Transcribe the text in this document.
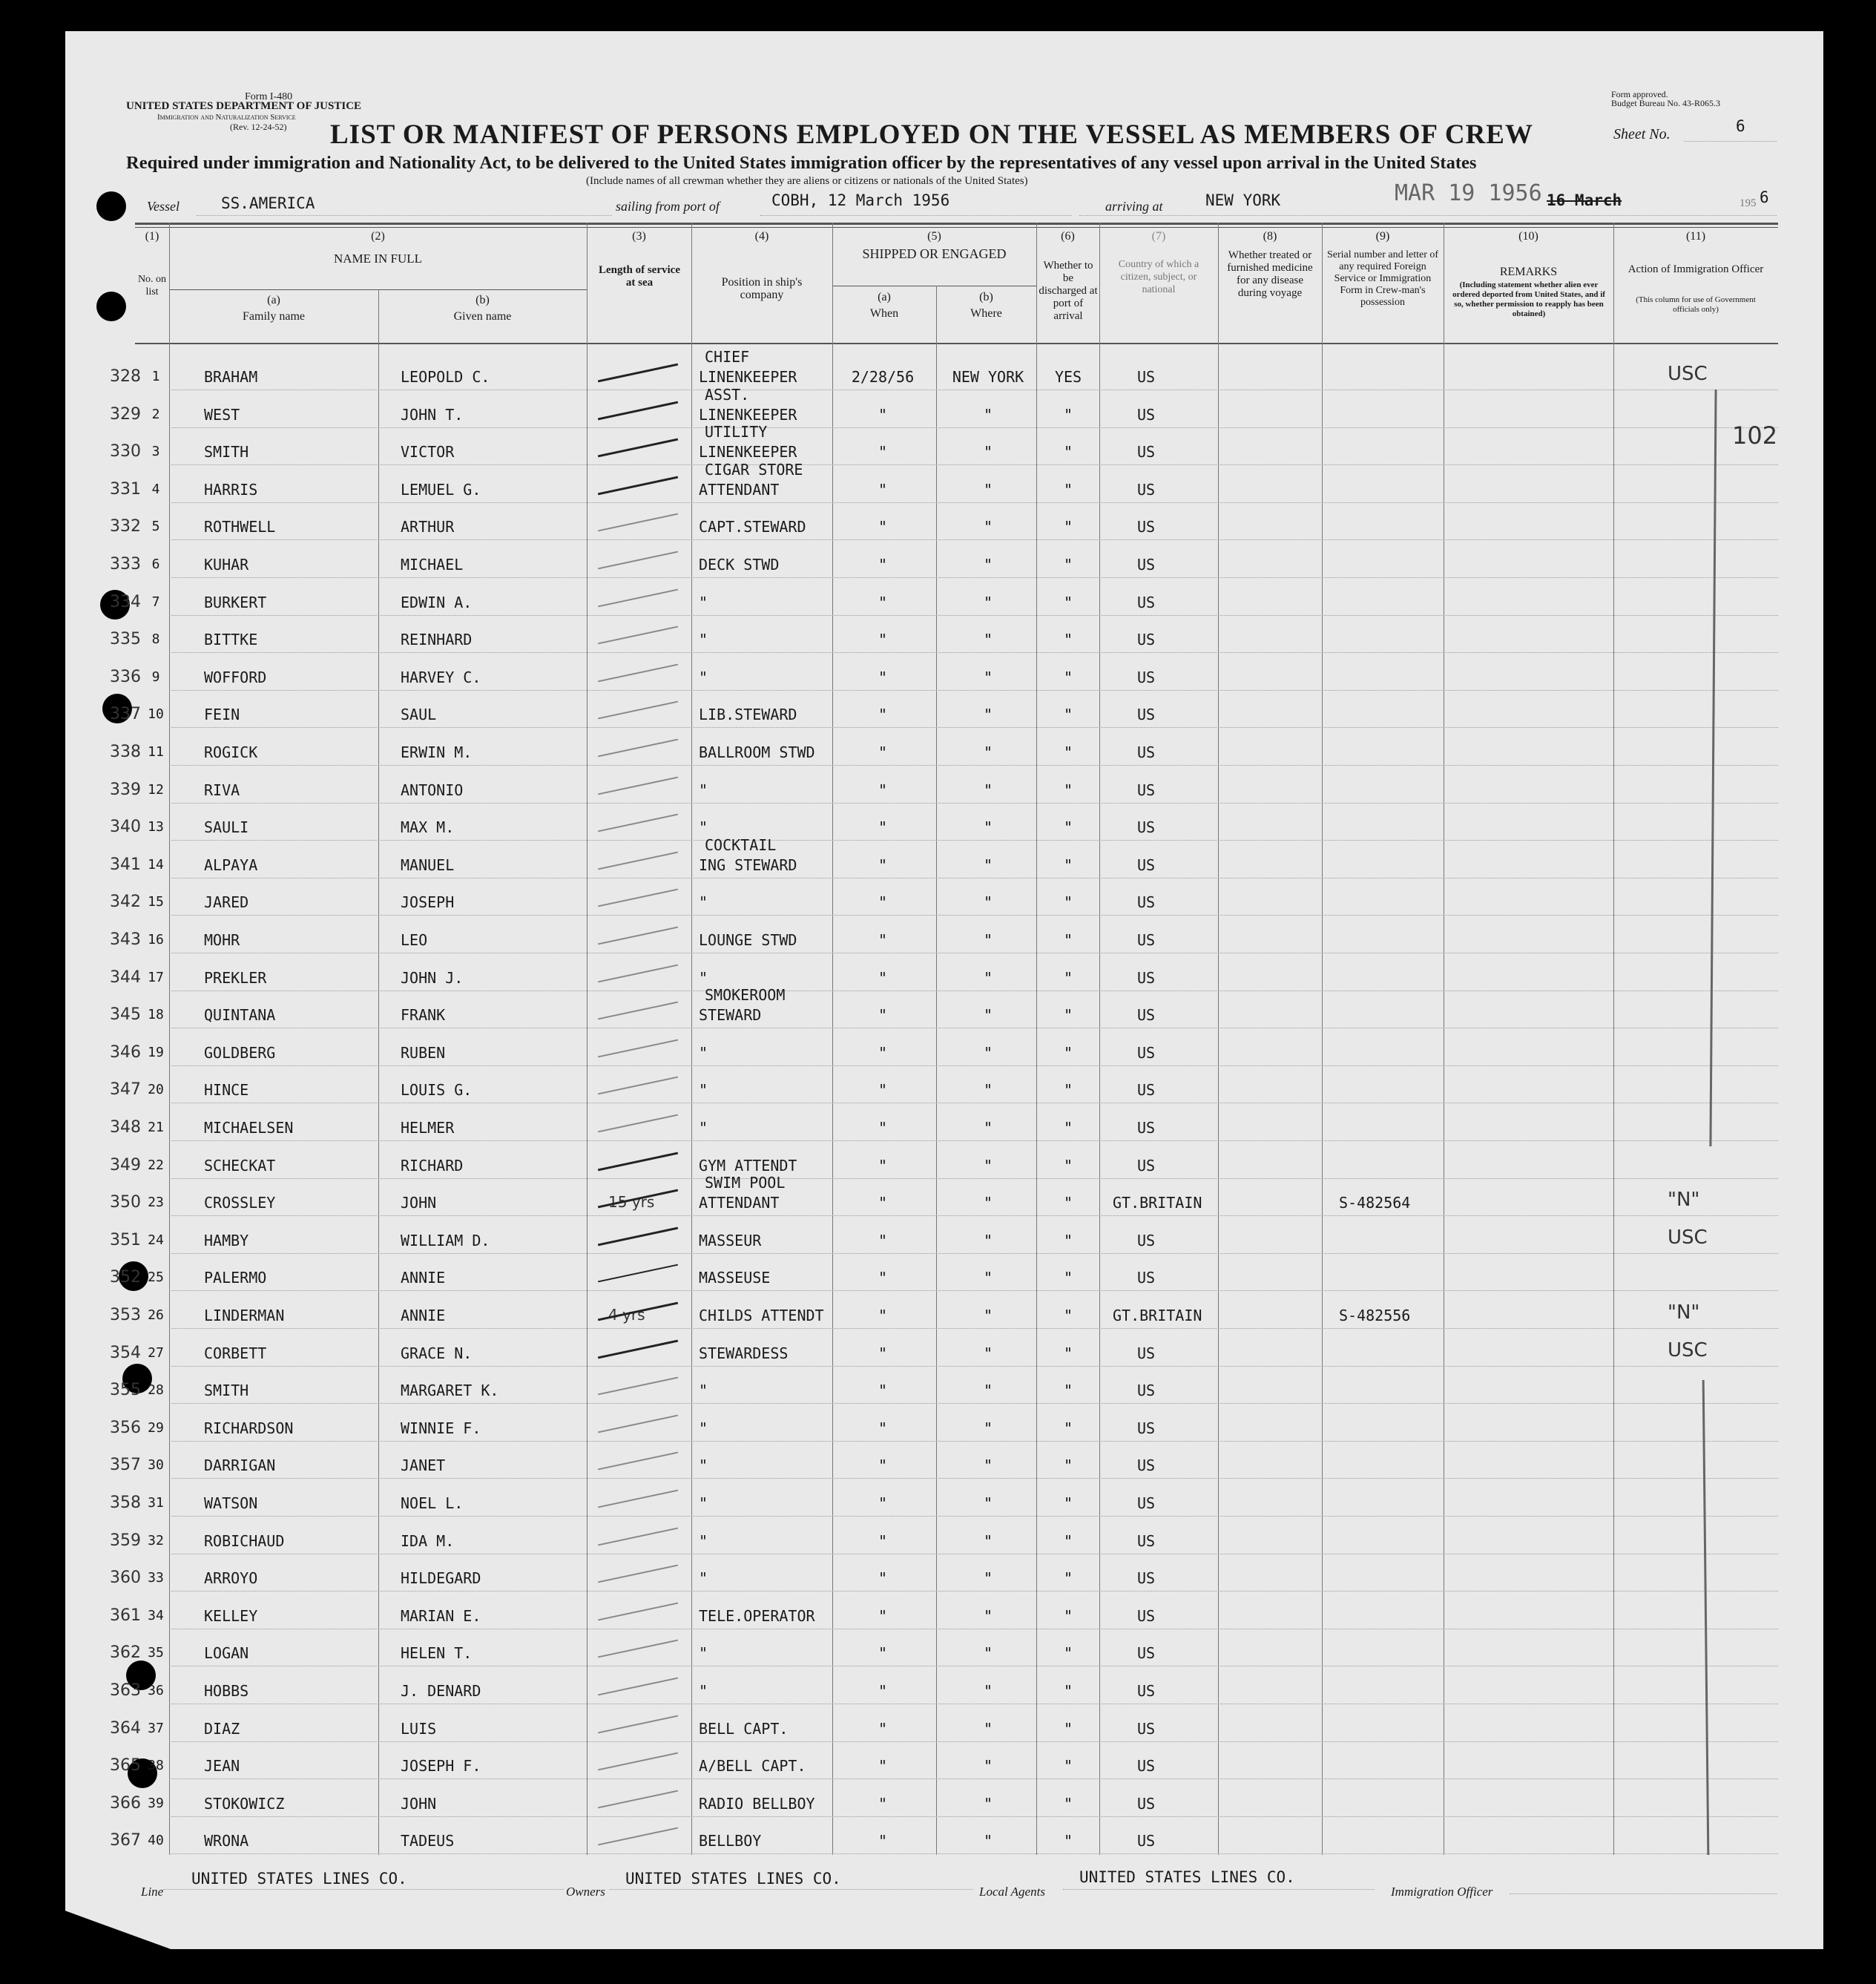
Form I-480
UNITED STATES DEPARTMENT OF JUSTICE
Immigration and Naturalization Service
(Rev. 12-24-52)
Form approved.
Budget Bureau No. 43-R065.3
LIST OR MANIFEST OF PERSONS EMPLOYED ON THE VESSEL AS MEMBERS OF CREW	Sheet No.	6
Required under immigration and Nationality Act, to be delivered to the United States immigration officer by the representatives of any vessel upon arrival in the United States
(Include names of all crewman whether they are aliens or citizens or nationals of the United States)
Vessel	SS.AMERICA	sailing from port of	COBH, 12 March 1956	arriving at	NEW YORK	MAR 19 1956 16 March	195 6
(1)
No. on list
(2)
NAME IN FULL
(a)
Family name
(b)
Given name
(3)
Length of service at sea
(4)
Position in ship's company
(5)
SHIPPED OR ENGAGED
(a)
When
(b)
Where
(6)
Whether to be discharged at port of arrival
(7)
Country of which a citizen, subject, or national
(8)
Whether treated or furnished medicine for any disease during voyage
(9)
Serial number and letter of any required Foreign Service or Immigration Form in Crew-man's possession
(10)
REMARKS
(Including statement whether alien ever ordered deported from United States, and if so, whether permission to reapply has been obtained)
(11)
Action of Immigration Officer
(This column for use of Government officials only)
328 1	BRAHAM	LEOPOLD C.
CHIEF
LINENKEEPER	2/28/56	NEW YORK	YES	US	USC
329 2	WEST	JOHN T.
ASST.
LINENKEEPER	"	"	"	US
330 3	SMITH	VICTOR
UTILITY
LINENKEEPER	"	"	"	US
331 4	HARRIS	LEMUEL G.
CIGAR STORE
ATTENDANT	"	"	"	US
332 5	ROTHWELL	ARTHUR	CAPT.STEWARD	"	"	"	US
333 6	KUHAR	MICHAEL	DECK STWD	"	"	"	US
334 7	BURKERT	EDWIN A.	"	"	"	"	US
335 8	BITTKE	REINHARD	"	"	"	"	US
336 9	WOFFORD	HARVEY C.	"	"	"	"	US
337 10	FEIN	SAUL	LIB.STEWARD	"	"	"	US
338 11	ROGICK	ERWIN M.	BALLROOM STWD	"	"	"	US
339 12	RIVA	ANTONIO	"	"	"	"	US
340 13	SAULI	MAX M.	"	"	"	"	US
341 14	ALPAYA	MANUEL
COCKTAIL
ING STEWARD	"	"	"	US
342 15	JARED	JOSEPH	"	"	"	"	US
343 16	MOHR	LEO	LOUNGE STWD	"	"	"	US
344 17	PREKLER	JOHN J.	"	"	"	"	US
345 18	QUINTANA	FRANK
SMOKEROOM
STEWARD	"	"	"	US
346 19	GOLDBERG	RUBEN	"	"	"	"	US
347 20	HINCE	LOUIS G.	"	"	"	"	US
348 21	MICHAELSEN	HELMER	"	"	"	"	US
349 22	SCHECKAT	RICHARD	GYM ATTENDT	"	"	"	US
350 23	CROSSLEY	JOHN	15 yrs
SWIM POOL
ATTENDANT	"	"	"	GT.BRITAIN	S-482564	"N"
351 24	HAMBY	WILLIAM D.	MASSEUR	"	"	"	US	USC
352 25	PALERMO	ANNIE	MASSEUSE	"	"	"	US
353 26	LINDERMAN	ANNIE	4 yrs	CHILDS ATTENDT	"	"	"	GT.BRITAIN	S-482556	"N"
354 27	CORBETT	GRACE N.	STEWARDESS	"	"	"	US	USC
355 28	SMITH	MARGARET K.	"	"	"	"	US
356 29	RICHARDSON	WINNIE F.	"	"	"	"	US
357 30	DARRIGAN	JANET	"	"	"	"	US
358 31	WATSON	NOEL L.	"	"	"	"	US
359 32	ROBICHAUD	IDA M.	"	"	"	"	US
360 33	ARROYO	HILDEGARD	"	"	"	"	US
361 34	KELLEY	MARIAN E.	TELE.OPERATOR	"	"	"	US
362 35	LOGAN	HELEN T.	"	"	"	"	US
363 36	HOBBS	J. DENARD	"	"	"	"	US
364 37	DIAZ	LUIS	BELL CAPT.	"	"	"	US
365 38	JEAN	JOSEPH F.	A/BELL CAPT.	"	"	"	US
366 39	STOKOWICZ	JOHN	RADIO BELLBOY	"	"	"	US
367 40	WRONA	TADEUS	BELLBOY	"	"	"	US
102
Line
UNITED STATES LINES CO.
Owners
UNITED STATES LINES CO.
Local Agents
UNITED STATES LINES CO.
Immigration Officer
